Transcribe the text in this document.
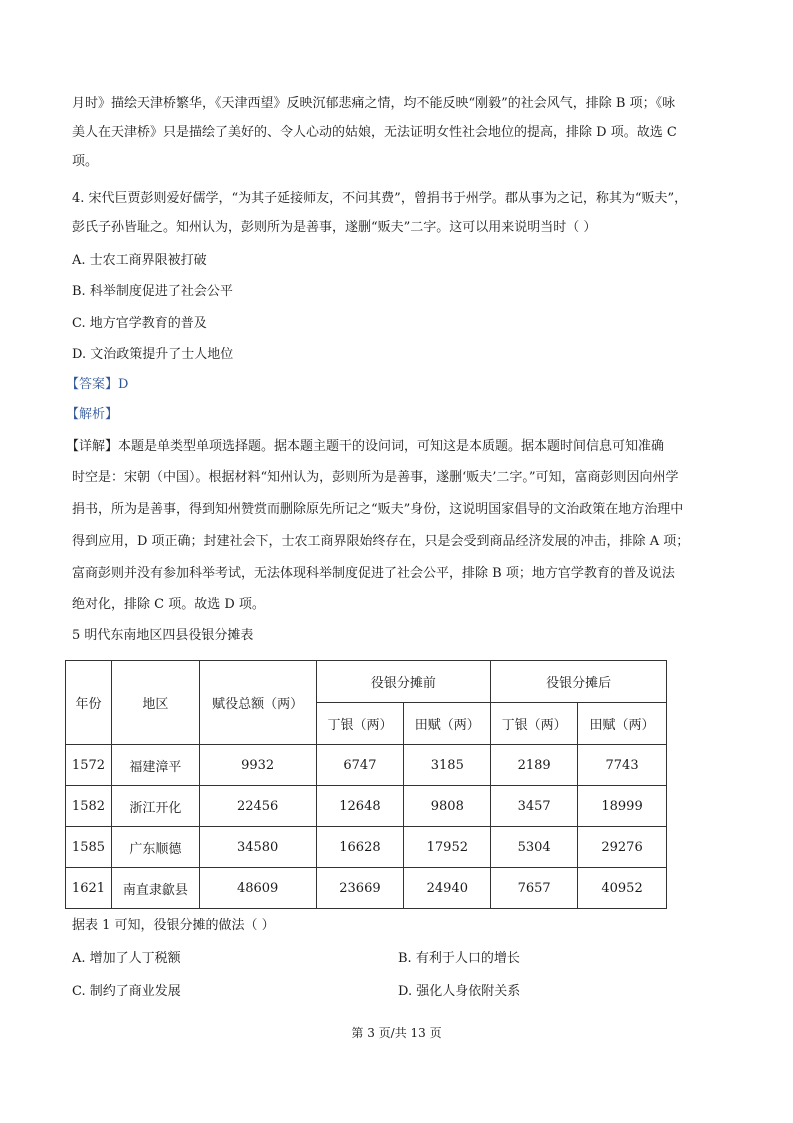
月时》描绘天津桥繁华，《天津西望》反映沉郁悲痛之情，均不能反映“刚毅”的社会风气，排除 B 项；《咏
美人在天津桥》只是描绘了美好的、令人心动的姑娘，无法证明女性社会地位的提高，排除 D 项。故选 C
项。
4. 宋代巨贾彭则爱好儒学，“为其子延接师友，不问其费”，曾捐书于州学。郡从事为之记，称其为“贩夫”，
彭氏子孙皆耻之。知州认为，彭则所为是善事，遂删“贩夫”二字。这可以用来说明当时（ ）
A. 士农工商界限被打破
B. 科举制度促进了社会公平
C. 地方官学教育的普及
D. 文治政策提升了士人地位
【答案】D
【解析】
【详解】本题是单类型单项选择题。据本题主题干的设问词，可知这是本质题。据本题时间信息可知准确
时空是：宋朝（中国）。根据材料“知州认为，彭则所为是善事，遂删‘贩夫’二字。”可知，富商彭则因向州学
捐书，所为是善事，得到知州赞赏而删除原先所记之“贩夫”身份，这说明国家倡导的文治政策在地方治理中
得到应用，D 项正确；封建社会下，士农工商界限始终存在，只是会受到商品经济发展的冲击，排除 A 项；
富商彭则并没有参加科举考试，无法体现科举制度促进了社会公平，排除 B 项；地方官学教育的普及说法
绝对化，排除 C 项。故选 D 项。
5 明代东南地区四县役银分摊表
年份	地区	赋役总额（两）	役银分摊前		役银分摊后	
			丁银（两）	田赋（两）	丁银（两）	田赋（两）
1572	福建漳平	9932	6747	3185	2189	7743
1582	浙江开化	22456	12648	9808	3457	18999
1585	广东顺德	34580	16628	17952	5304	29276
1621	南直隶歙县	48609	23669	24940	7657	40952
据表 1 可知，役银分摊的做法（ ）
A. 增加了人丁税额	B. 有利于人口的增长
C. 制约了商业发展	D. 强化人身依附关系
第 3 页/共 13 页
